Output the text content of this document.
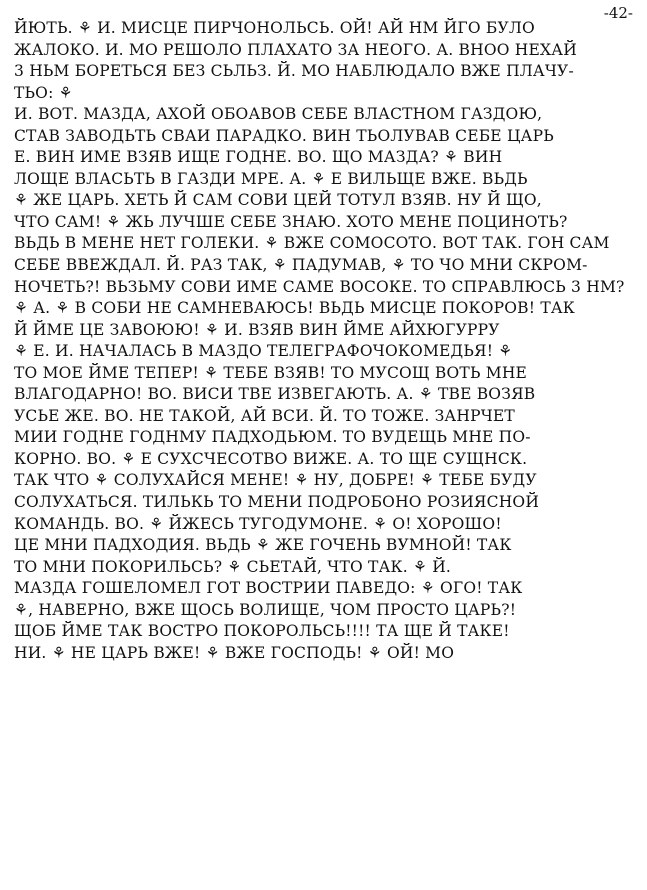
-42-
ЙЮТЬ. ⚘ И. МИСЦЕ ПИРЧОНОЛЬСЬ. ОЙ! АЙ НМ ЙГО БУЛО
ЖАЛОКО. И. МО РЕШОЛО ПЛАХАТО ЗА НЕОГО. А. ВНОО НЕХАЙ
3 НЬМ БОРЕТЬСЯ БЕЗ СЬЛЬЗ. Й. МО НАБЛЮДАЛО ВЖЕ ПЛАЧУ-
ТЬО: ⚘
И. ВОТ. МАЗДА, АХОЙ ОБОАВОВ СЕБЕ ВЛАСТНОМ ГАЗДОЮ,
СТАВ ЗАВОДЬТЬ СВАИ ПАРАДКО. ВИН ТЬОЛУВАВ СЕБЕ ЦАРЬ
Е. ВИН ИМЕ ВЗЯВ ИЩЕ ГОДНЕ. ВО. ЩО МАЗДА? ⚘ ВИН
ЛОЩЕ ВЛАСЬТЬ В ГАЗДИ МРЕ. А. ⚘ Е ВИЛЬЩЕ ВЖЕ. ВЬДЬ
⚘ ЖЕ ЦАРЬ. ХЕТЬ Й САМ СОВИ ЦЕЙ ТОТУЛ ВЗЯВ. НУ Й ЩО,
ЧТО САМ! ⚘ ЖЬ ЛУЧШЕ СЕБЕ ЗНАЮ. ХОТО МЕНЕ ПОЦИНОТЬ?
ВЬДЬ В МЕНЕ НЕТ ГОЛЕКИ. ⚘ ВЖЕ СОМОСОТО. ВОТ ТАК. ГОН САМ
СЕБЕ ВВЕЖДАЛ. Й. РАЗ ТАК, ⚘ ПАДУМАВ, ⚘ ТО ЧО МНИ СКРОМ-
НОЧЕТЬ?! ВЬЗЬМУ СОВИ ИМЕ САМЕ ВОСОКЕ. ТО СПРАВЛЮСЬ 3 НМ?
⚘ А. ⚘ В СОБИ НЕ САМНЕВАЮСЬ! ВЬДЬ МИСЦЕ ПОКОРОВ! ТАК
Й ЙМЕ ЦЕ ЗАВОЮЮ! ⚘ И. ВЗЯВ ВИН ЙМЕ АЙХЮГУРРУ
⚘ Е. И. НАЧАЛАСЬ В МАЗДО ТЕЛЕГРАФОЧОКОМЕДЬЯ! ⚘
ТО МОЕ ЙМЕ ТЕПЕР! ⚘ ТЕБЕ ВЗЯВ! ТО МУСОЩ ВОТЬ МНЕ
ВЛАГОДАРНО! ВО. ВИСИ ТВЕ ИЗВЕГАЮТЬ. А. ⚘ ТВЕ ВОЗЯВ
УСЬЕ ЖЕ. ВО. НЕ ТАКОЙ, АЙ ВСИ. Й. ТО ТОЖЕ. ЗАНРЧЕТ
МИИ ГОДНЕ ГОДНМУ ПАДХОДЬЮМ. ТО ВУДЕЩЬ МНЕ ПО-
КОРНО. ВО. ⚘ Е СУХСЧЕСОТВО ВИЖЕ. А. ТО ЩЕ СУЩНСК.
ТАК ЧТО ⚘ СОЛУХАЙСЯ МЕНЕ! ⚘ НУ, ДОБРЕ! ⚘ ТЕБЕ БУДУ
СОЛУХАТЬСЯ. ТИЛЬКЬ ТО МЕНИ ПОДРОБОНО РОЗИЯСНОЙ
КОМАНДЬ. ВО. ⚘ ЙЖЕСЬ ТУГОДУМОНЕ. ⚘ О! ХОРОШО!
ЦЕ МНИ ПАДХОДИЯ. ВЬДЬ ⚘ ЖЕ ГОЧЕНЬ ВУМНОЙ! ТАК
ТО МНИ ПОКОРИЛЬСЬ? ⚘ СЬЕТАЙ, ЧТО ТАК. ⚘ Й.
МАЗДА ГОШЕЛОМЕЛ ГОТ ВОСТРИИ ПАВЕДО: ⚘ ОГО! ТАК
⚘, НАВЕРНО, ВЖЕ ЩОСЬ ВОЛИЩЕ, ЧОМ ПРОСТО ЦАРЬ?!
ЩОБ ЙМЕ ТАК ВОСТРО ПОКОРОЛЬСЬ!!!! ТА ЩЕ Й ТАКЕ!
НИ. ⚘ НЕ ЦАРЬ ВЖЕ! ⚘ ВЖЕ ГОСПОДЬ! ⚘ ОЙ! МО
